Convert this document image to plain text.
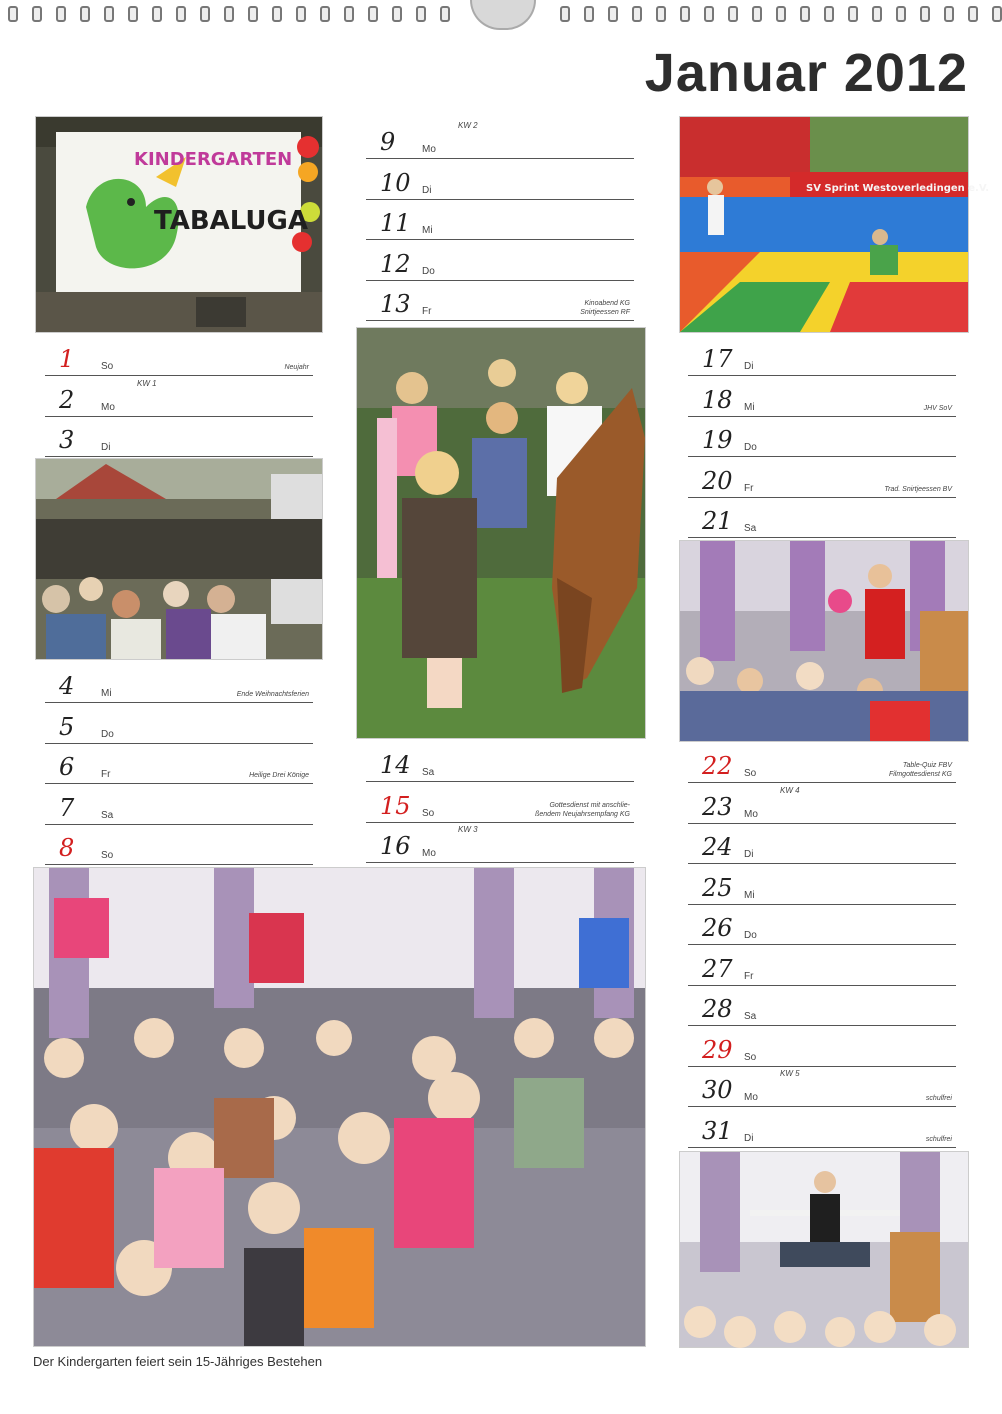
Januar 2012
KINDERGARTEN
TABALUGA
SV Sprint Westoverledingen e.V.
1	So	Neujahr
2	Mo
KW 1
3	Di
4	Mi	Ende Weihnachtsferien
5	Do
6	Fr	Heilige Drei Könige
7	Sa
8	So
9	Mo
KW 2
10 Di
11 Mi
12 Do
13 Fr
Kinoabend KG
Snirtjeessen RF
14 Sa
15 So
Gottesdienst mit anschlie-
ßendem Neujahrsempfang KG
16 Mo
KW 3
17 Di
18 Mi	JHV SoV
19 Do
20 Fr	Trad. Snirtjeessen BV
21 Sa
22 So
Table-Quiz FBV
Filmgottesdienst KG
23 Mo
KW 4
24 Di
25 Mi
26 Do
27 Fr
28 Sa
29 So
30 Mo
KW 5
schulfrei
31 Di	schulfrei
Der Kindergarten feiert sein 15-Jähriges Bestehen
